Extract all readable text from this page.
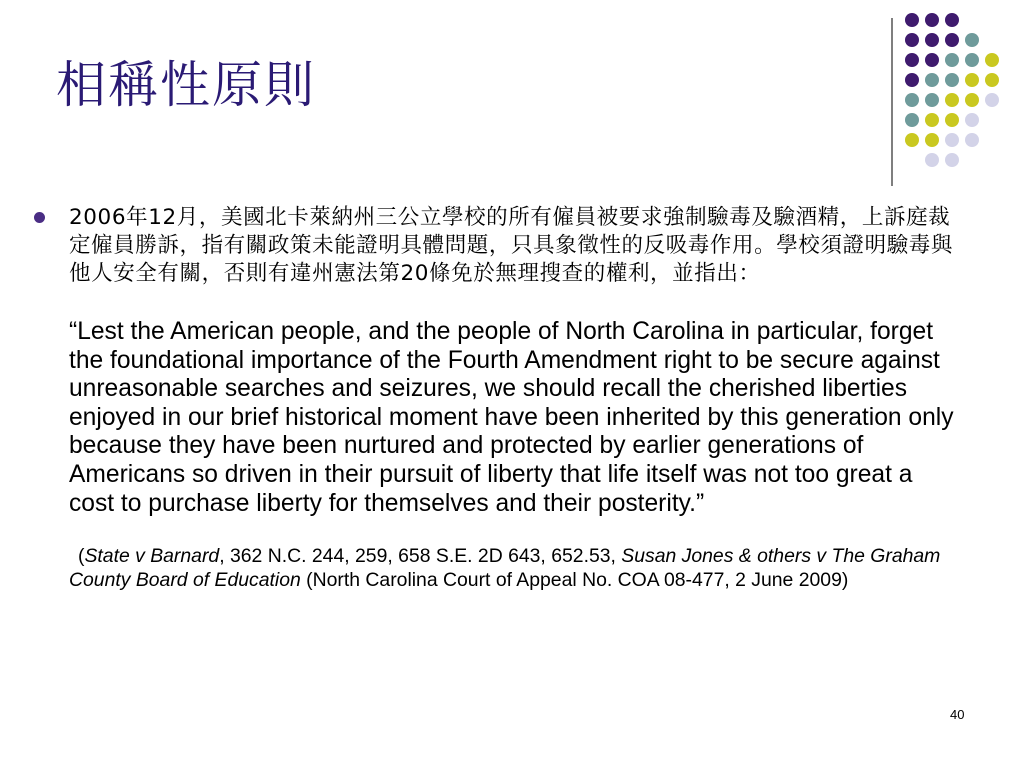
相稱性原則

2006年12月，美國北卡萊納州三公立學校的所有僱員被要求強制驗毒及驗酒精，上訴庭裁定僱員勝訴，指有關政策未能證明具體問題，只具象徵性的反吸毒作用。學校須證明驗毒與他人安全有關，否則有違州憲法第20條免於無理搜查的權利，並指出：

“Lest the American people, and the people of North Carolina in particular, forget the foundational importance of the Fourth Amendment right to be secure against unreasonable searches and seizures, we should recall the cherished liberties enjoyed in our brief historical moment have been inherited by this generation only because they have been nurtured and protected by earlier generations of Americans so driven in their pursuit of liberty that life itself was not too great a cost to purchase liberty for themselves and their posterity.”

(State v Barnard, 362 N.C. 244, 259, 658 S.E. 2D 643, 652.53, Susan Jones & others v The Graham County Board of Education (North Carolina Court of Appeal No. COA 08-477, 2 June 2009)

40
